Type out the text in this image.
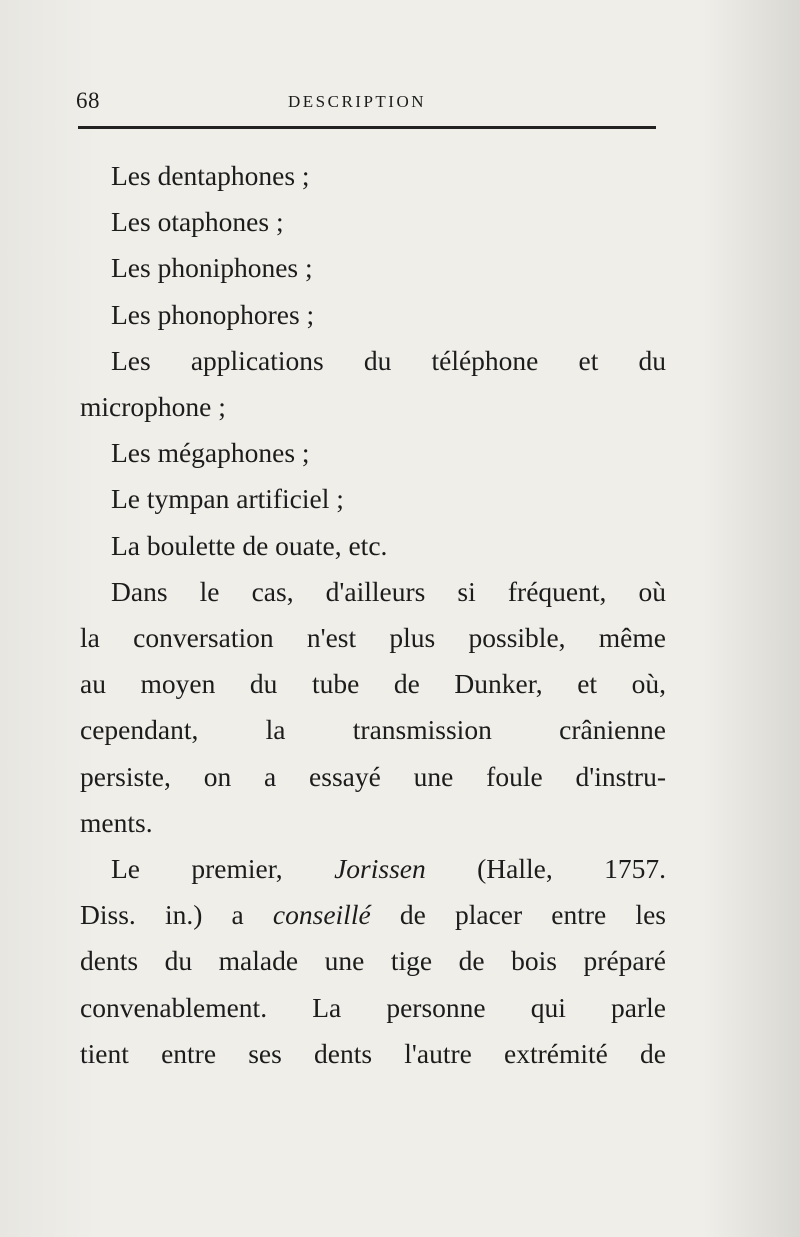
68	DESCRIPTION
Les dentaphones ;
Les otaphones ;
Les phoniphones ;
Les phonophores ;
Les applications du téléphone et du
microphone ;
Les mégaphones ;
Le tympan artificiel ;
La boulette de ouate, etc.
Dans le cas, d'ailleurs si fréquent, où
la conversation n'est plus possible, même
au moyen du tube de Dunker, et où,
cependant, la transmission crânienne
persiste, on a essayé une foule d'instru-
ments.
Le premier, Jorissen (Halle, 1757.
Diss. in.) a conseillé de placer entre les
dents du malade une tige de bois préparé
convenablement. La personne qui parle
tient entre ses dents l'autre extrémité de
